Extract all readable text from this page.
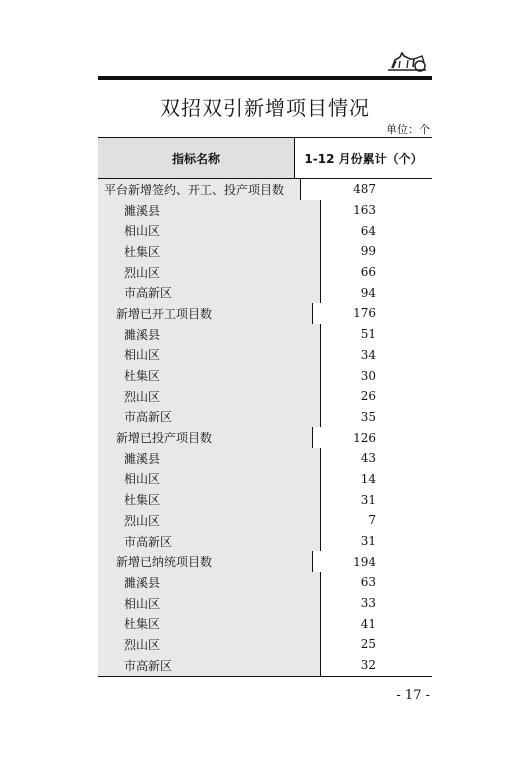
双招双引新增项目情况
单位：个
指标名称	1-12 月份累计（个）
平台新增签约、开工、投产项目数	487
濉溪县	163
相山区	64
杜集区	99
烈山区	66
市高新区	94
新增已开工项目数	176
濉溪县	51
相山区	34
杜集区	30
烈山区	26
市高新区	35
新增已投产项目数	126
濉溪县	43
相山区	14
杜集区	31
烈山区	7
市高新区	31
新增已纳统项目数	194
濉溪县	63
相山区	33
杜集区	41
烈山区	25
市高新区	32
- 17 -
